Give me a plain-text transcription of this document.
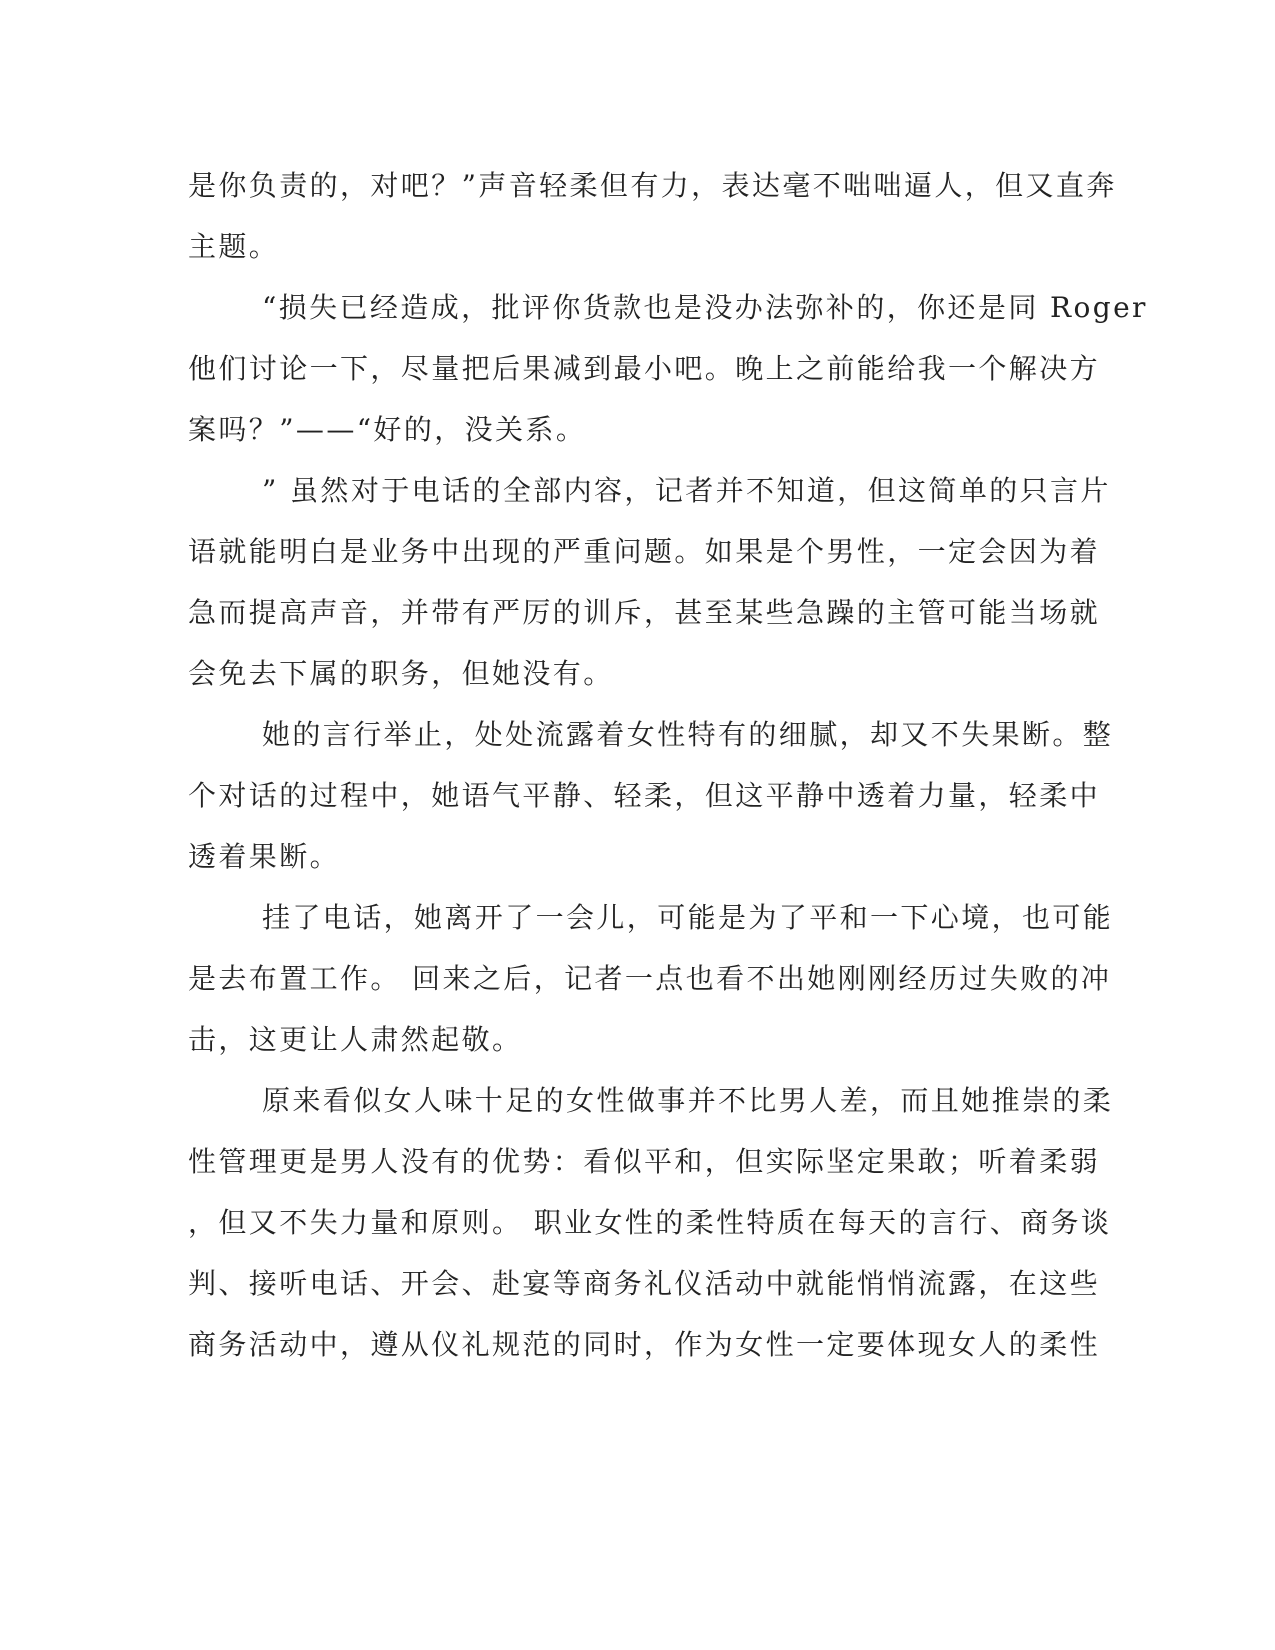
是你负责的，对吧？”声音轻柔但有力，表达毫不咄咄逼人，但又直奔
主题。
“损失已经造成，批评你货款也是没办法弥补的，你还是同 Roger
他们讨论一下，尽量把后果减到最小吧。晚上之前能给我一个解决方
案吗？”——“好的，没关系。
” 虽然对于电话的全部内容，记者并不知道，但这简单的只言片
语就能明白是业务中出现的严重问题。如果是个男性，一定会因为着
急而提高声音，并带有严厉的训斥，甚至某些急躁的主管可能当场就
会免去下属的职务，但她没有。
她的言行举止，处处流露着女性特有的细腻，却又不失果断。整
个对话的过程中，她语气平静、轻柔，但这平静中透着力量，轻柔中
透着果断。
挂了电话，她离开了一会儿，可能是为了平和一下心境，也可能
是去布置工作。 回来之后，记者一点也看不出她刚刚经历过失败的冲
击，这更让人肃然起敬。
原来看似女人味十足的女性做事并不比男人差，而且她推崇的柔
性管理更是男人没有的优势：看似平和，但实际坚定果敢；听着柔弱
，但又不失力量和原则。 职业女性的柔性特质在每天的言行、商务谈
判、接听电话、开会、赴宴等商务礼仪活动中就能悄悄流露，在这些
商务活动中，遵从仪礼规范的同时，作为女性一定要体现女人的柔性
